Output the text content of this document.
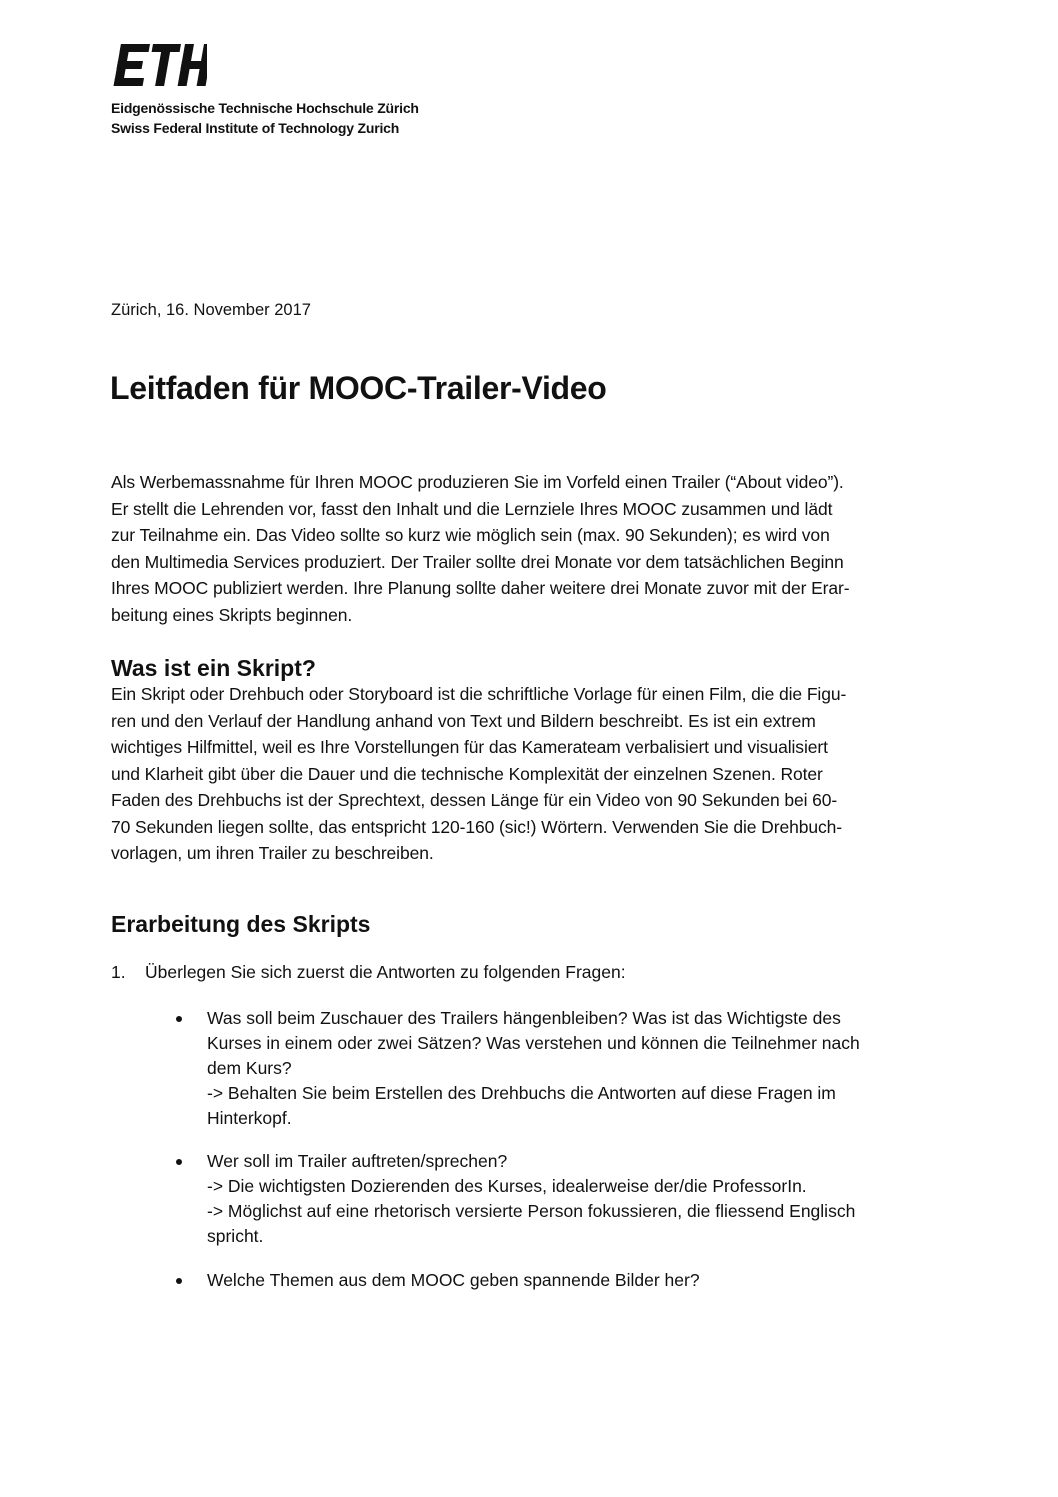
Eidgenössische Technische Hochschule Zürich
Swiss Federal Institute of Technology Zurich
Zürich, 16. November 2017
Leitfaden für MOOC-Trailer-Video

Als Werbemassnahme für Ihren MOOC produzieren Sie im Vorfeld einen Trailer (“About video”).
Er stellt die Lehrenden vor, fasst den Inhalt und die Lernziele Ihres MOOC zusammen und lädt
zur Teilnahme ein. Das Video sollte so kurz wie möglich sein (max. 90 Sekunden); es wird von
den Multimedia Services produziert. Der Trailer sollte drei Monate vor dem tatsächlichen Beginn
Ihres MOOC publiziert werden. Ihre Planung sollte daher weitere drei Monate zuvor mit der Erar-
beitung eines Skripts beginnen.

Was ist ein Skript?

Ein Skript oder Drehbuch oder Storyboard ist die schriftliche Vorlage für einen Film, die die Figu-
ren und den Verlauf der Handlung anhand von Text und Bildern beschreibt. Es ist ein extrem
wichtiges Hilfmittel, weil es Ihre Vorstellungen für das Kamerateam verbalisiert und visualisiert
und Klarheit gibt über die Dauer und die technische Komplexität der einzelnen Szenen. Roter
Faden des Drehbuchs ist der Sprechtext, dessen Länge für ein Video von 90 Sekunden bei 60-
70 Sekunden liegen sollte, das entspricht 120-160 (sic!) Wörtern. Verwenden Sie die Drehbuch-
vorlagen, um ihren Trailer zu beschreiben.

Erarbeitung des Skripts
1. Überlegen Sie sich zuerst die Antworten zu folgenden Fragen:
Was soll beim Zuschauer des Trailers hängenbleiben? Was ist das Wichtigste des
Kurses in einem oder zwei Sätzen? Was verstehen und können die Teilnehmer nach
dem Kurs?
-> Behalten Sie beim Erstellen des Drehbuchs die Antworten auf diese Fragen im
Hinterkopf.
Wer soll im Trailer auftreten/sprechen?
-> Die wichtigsten Dozierenden des Kurses, idealerweise der/die ProfessorIn.
-> Möglichst auf eine rhetorisch versierte Person fokussieren, die fliessend Englisch
spricht.
Welche Themen aus dem MOOC geben spannende Bilder her?
